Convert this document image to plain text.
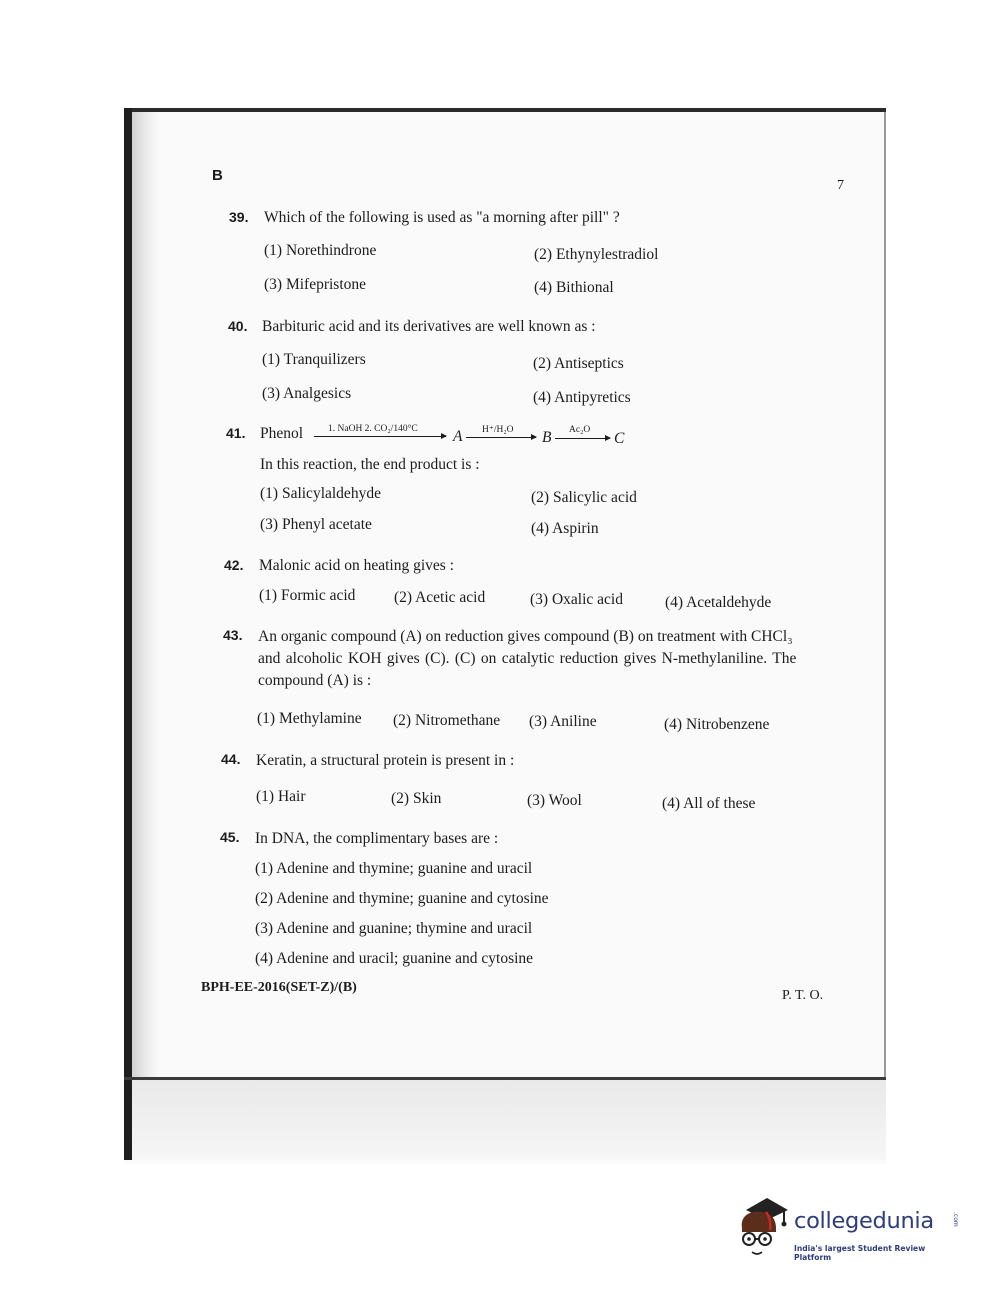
B
7
39. Which of the following is used as "a morning after pill" ?
(1) Norethindrone	(2) Ethynylestradiol
(3) Mifepristone	(4) Bithional
40. Barbituric acid and its derivatives are well known as :
(1) Tranquilizers	(2) Antiseptics
(3) Analgesics	(4) Antipyretics
41. Phenol	1. NaOH 2. CO₂/140°C A H⁺/H₂O B Ac₂O → C
In this reaction, the end product is :
(1) Salicylaldehyde	(2) Salicylic acid
(3) Phenyl acetate	(4) Aspirin
42. Malonic acid on heating gives :
(1) Formic acid (2) Acetic acid	(3) Oxalic acid	(4) Acetaldehyde
43. An organic compound (A) on reduction gives compound (B) on treatment with CHCl₃
and alcoholic KOH gives (C). (C) on catalytic reduction gives N-methylaniline. The
compound (A) is :
(1) Methylamine (2) Nitromethane (3) Aniline	(4) Nitrobenzene
44. Keratin, a structural protein is present in :
(1) Hair	(2) Skin	(3) Wool	(4) All of these
45. In DNA, the complimentary bases are :
(1) Adenine and thymine; guanine and uracil
(2) Adenine and thymine; guanine and cytosine
(3) Adenine and guanine; thymine and uracil
(4) Adenine and uracil; guanine and cytosine
BPH-EE-2016(SET-Z)/(B)
P. T. O.
collegedunia	.com
India's largest Student Review Platform
